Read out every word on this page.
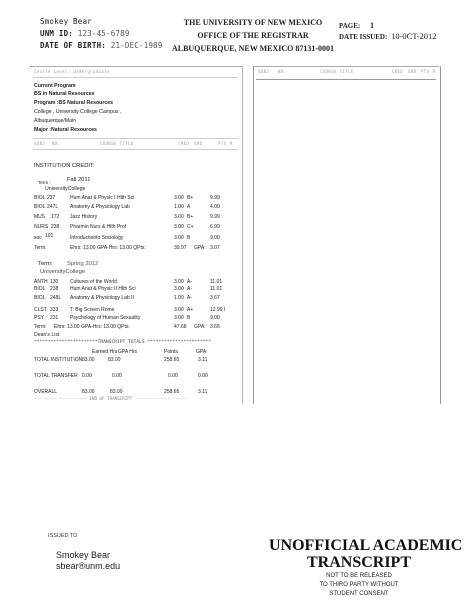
Smokey Bear
UNM ID: 123-45-6789
DATE OF BIRTH: 21-DEC-1989
THE UNIVERSITY OF NEW MEXICO
OFFICE OF THE REGISTRAR
ALBUQUERQUE, NEW MEXICO 87131-0001
PAGE: 1
DATE ISSUED: 10-0CT-2012
SUBJ NO.	COURSE TITLE	CRED GRD PTS R
Course Level: Undergraduate
Current Program
BS in Natural Resources
Program :BS Natural Resources
College , University College Campus ,
Albuquerque/Main
Major :Natural Resources
SUBJ NO.	COURSE TITLE	CRED GRD	PTS R
INSTITUTION CREDIT:
Term :	Fall 2011
UniversityCollege
BIOL 237	Hum Anat & Physic I Hlth Sci	3.00 B+	9.99
BIOL 247L Anatomy & Physiology Lab	1.00 A	4.00
MUS 172 Jazz History	3.00 B+	9.99
NURS 238 Pharmin Nurs & Hlth Prof	3.00 C+	6.99
soc 101	Introductionto Sociology	3.00 B	9.00
Term:	Ehrs: 13.00 GPA-Hrs: 13.00 QPts:	39.97 GPA: 3.07
Term:	Spring 2012
UniversityCollege
ANTH 130 Cultures of the World	3.00 A-	11.01
BIOL 238 Hum Anat & Physic II Hlth Sci	3.00 A-	11.01
BIOL 248L Anatomy & Physiology Lab II	1.00 A-	3.67
CLST 333 T: Big Screen Rome	3.00 A+	12.99 I
PSY 231 Psychology of Human Sexuality	3.00 B	9.00
Term: Ehrs: 13.00 GPA-Hrs: 13.00 QPts:	47.68 GPA: 3.66
Dean's List
***********************TRANSCRIPT TOTALS ***********************
Earned Hrs GPA Hrs	Points	GPA
TOTAL INSTITUTION 83.00	83.00	258.65	3.11
TOTAL TRANSFER 0.00	0.00	0.00	0.00
OVERALL	83.00	83.00	258.65	3.11
--------------------- END OF TRANSCRIPT ---------------------
ISSUED TO
Smokey Bear
sbear®unm.edu
UNOFFICIAL ACADEMIC
TRANSCRIPT
NOT TO BE RELEASED
TO THIRO PARTY WITHOUT
STUDENT CONSENT
